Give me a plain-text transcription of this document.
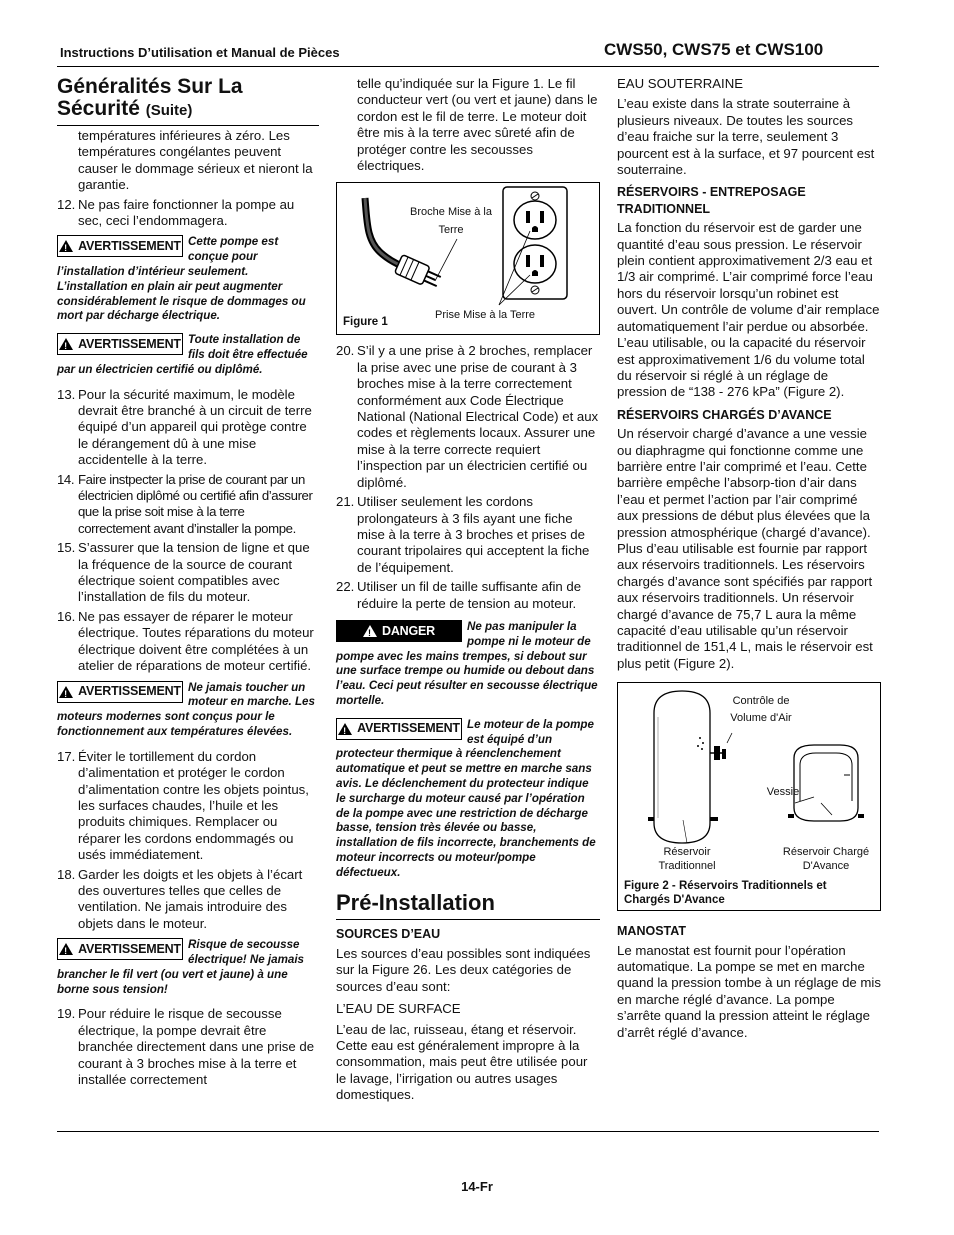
Instructions D’utilisation et Manual de Pièces	CWS50, CWS75 et CWS100
Généralités Sur La Sécurité (Suite)
températures inférieures à zéro. Les températures congélantes peuvent causer le dommage sérieux et nieront la garantie.
12. Ne pas faire fonctionner la pompe au sec, ceci l’endommagera.
!
AVERTISSEMENT Cette pompe est conçue pour l’installation d’intérieur seulement. L’installation en plain air peut augmenter considérablement le risque de dommages ou mort par décharge électrique.
!
AVERTISSEMENT Toute installation de fils doit être effectuée par un électricien certifié ou diplômé.
13. Pour la sécurité maximum, le modèle devrait être branché à un circuit de terre équipé d’un appareil qui protège contre le dérangement dû à une mise accidentelle à la terre.
14. Faire instpecter la prise de courant par un électricien diplômé ou certifié afin d’assurer que la prise soit mise à la terre correctement avant d’installer la pompe.
15. S’assurer que la tension de ligne et que la fréquence de la source de courant électrique soient compatibles avec l’installation de fils du moteur.
16. Ne pas essayer de réparer le moteur électrique. Toutes réparations du moteur électrique doivent être complétées à un atelier de réparations de moteur certifié.
!
AVERTISSEMENT Ne jamais toucher un moteur en marche. Les moteurs modernes sont conçus pour le fonctionnement aux températures élevées.
17. Éviter le tortillement du cordon d’alimentation et protéger le cordon d’alimentation contre les objets pointus, les surfaces chaudes, l’huile et les produits chimiques. Remplacer ou réparer les cordons endommagés ou usés immédiatement.
18. Garder les doigts et les objets à l’écart des ouvertures telles que celles de ventilation. Ne jamais introduire des objets dans le moteur.
!
AVERTISSEMENT Risque de secousse électrique! Ne jamais brancher le fil vert (ou vert et jaune) à une borne sous tension!
19. Pour réduire le risque de secousse électrique, la pompe devrait être branchée directement dans une prise de courant à 3 broches mise à la terre et installée correctement
telle qu’indiquée sur la Figure 1. Le fil conducteur vert (ou vert et jaune) dans le cordon est le fil de terre. Le moteur doit être mis à la terre avec sûreté afin de protéger contre les secousses électriques.
Broche Mise à la Terre
Prise Mise à la Terre
Figure 1
20. S’il y a une prise à 2 broches, remplacer la prise avec une prise de courant à 3 broches mise à la terre correctement conformément aux Code Électrique National (National Electrical Code) et aux codes et règlements locaux. Assurer une mise à la terre correcte requiert l’inspection par un électricien certifié ou diplômé.
21. Utiliser seulement les cordons prolongateurs à 3 fils ayant une fiche mise à la terre à 3 broches et prises de courant tripolaires qui acceptent la fiche de l’équipement.
22. Utiliser un fil de taille suffisante afin de réduire la perte de tension au moteur.
!
DANGER	Ne pas manipuler la pompe ni le moteur de pompe avec les mains trempes, si debout sur une surface trempe ou humide ou debout dans l’eau. Ceci peut résulter en secousse électrique mortelle.
!
AVERTISSEMENT Le moteur de la pompe est équipé d’un protecteur thermique à réenclenchement automatique et peut se mettre en marche sans avis. Le déclenchement du protecteur indique le surcharge du moteur causé par l’opération de la pompe avec une restriction de décharge basse, tension très élevée ou basse, installation de fils incorrecte, branchements de moteur incorrects ou moteur/pompe défectueux.
Pré-Installation
SOURCES D’EAU
Les sources d’eau possibles sont indiquées sur la Figure 26. Les deux catégories de sources d’eau sont:
L’EAU DE SURFACE
L’eau de lac, ruisseau, étang et réservoir. Cette eau est généralement impropre à la consommation, mais peut être utilisée pour le lavage, l’irrigation ou autres usages domestiques.
EAU SOUTERRAINE
L’eau existe dans la strate souterraine à plusieurs niveaux. De toutes les sources d’eau fraiche sur la terre, seulement 3 pourcent est à la surface, et 97 pourcent est souterraine.
RÉSERVOIRS - ENTREPOSAGE TRADITIONNEL
La fonction du réservoir est de garder une quantité d’eau sous pression. Le réservoir plein contient approximativement 2/3 eau et 1/3 air comprimé. L’air comprimé force l’eau hors du réservoir lorsqu’un robinet est ouvert. Un contrôle de volume d’air remplace automatiquement l’air perdue ou absorbée. L’eau utilisable, ou la capacité du réservoir est approximativement 1/6 du volume total du réservoir si réglé à un réglage de pression de “138 - 276 kPa” (Figure 2).
RÉSERVOIRS CHARGÉS D’AVANCE
Un réservoir chargé d’avance a une vessie ou diaphragme qui fonctionne comme une barrière entre l’air comprimé et l’eau. Cette barrière empêche l’absorp-tion d’air dans l’eau et permet l’action par l’air comprimé aux pressions de début plus élevées que la pression atmosphérique (chargé d’avance). Plus d’eau utilisable est fournie par rapport aux réservoirs traditionnels. Les réservoirs chargés d’avance sont spécifiés par rapport aux réservoirs traditionnels. Un réservoir chargé d’avance de 75,7 L aura la même capacité d’eau utilisable qu’un réservoir traditionnel de 151,4 L, mais le réservoir est plus petit (Figure 2).
Contrôle de Volume d'Air
Vessie
Réservoir Traditionnel
Réservoir Chargé D'Avance
Figure 2 - Réservoirs Traditionnels et Chargés D'Avance
MANOSTAT
Le manostat est fournit pour l’opération automatique. La pompe se met en marche quand la pression tombe à un réglage de mis en marche réglé d’avance. La pompe s’arrête quand la pression atteint le réglage d’arrêt réglé d’avance.
14-Fr
